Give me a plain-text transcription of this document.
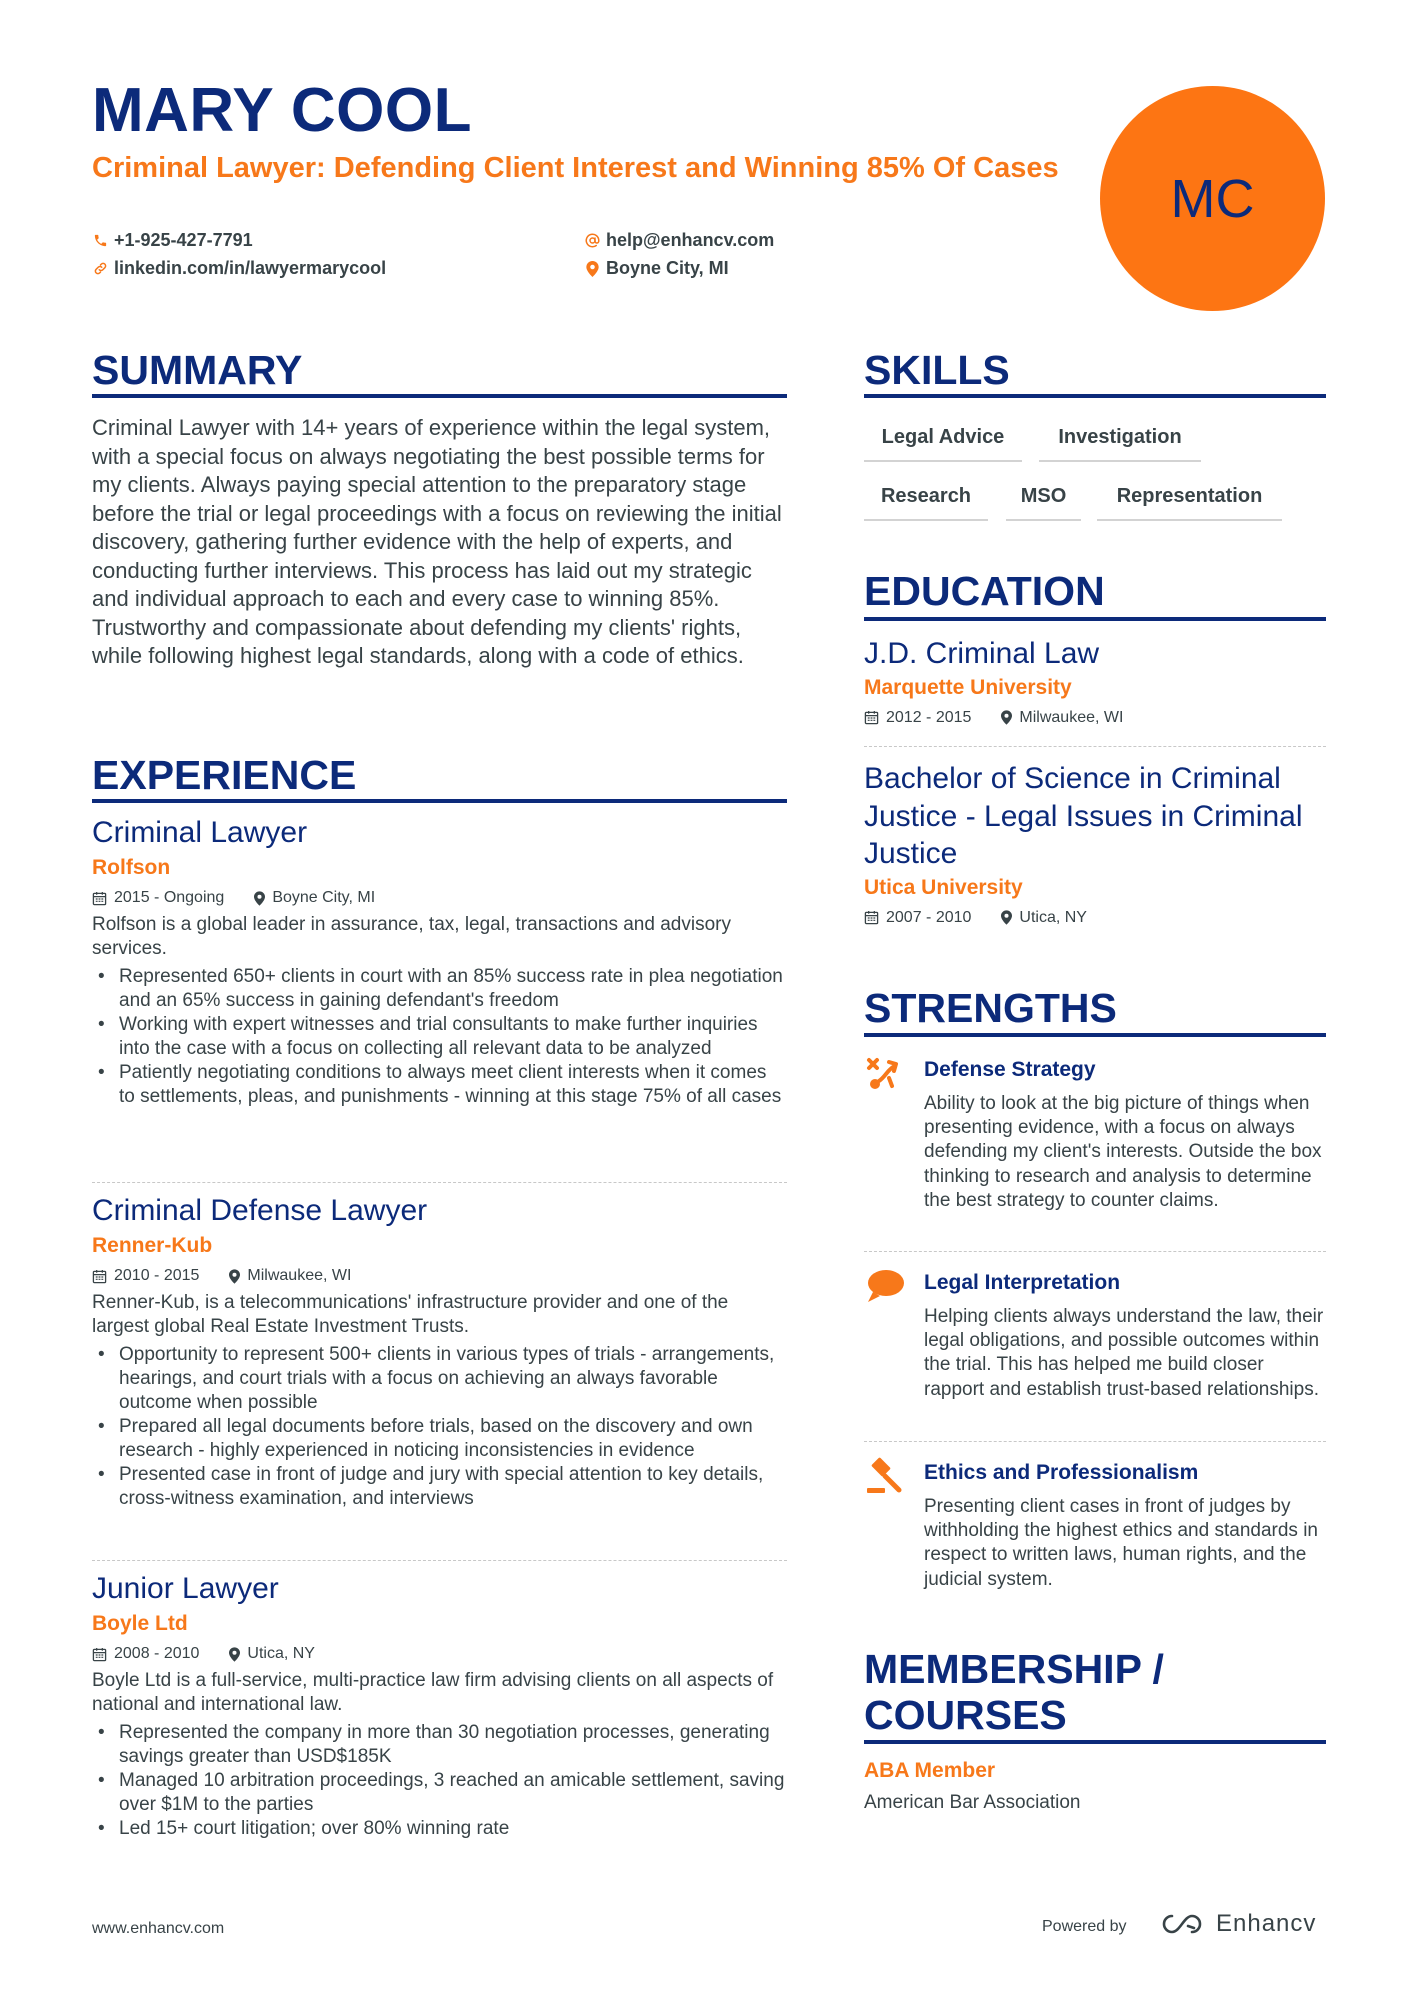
MARY COOL
Criminal Lawyer: Defending Client Interest and Winning 85% Of Cases
+1-925-427-7791
linkedin.com/in/lawyermarycool
help@enhancv.com
Boyne City, MI
MC
SUMMARY
Criminal Lawyer with 14+ years of experience within the legal system, with a special focus on always negotiating the best possible terms for my clients. Always paying special attention to the preparatory stage before the trial or legal proceedings with a focus on reviewing the initial discovery, gathering further evidence with the help of experts, and conducting further interviews. This process has laid out my strategic and individual approach to each and every case to winning 85%. Trustworthy and compassionate about defending my clients' rights, while following highest legal standards, along with a code of ethics.
EXPERIENCE
Criminal Lawyer
Rolfson
2015 - Ongoing	Boyne City, MI
Rolfson is a global leader in assurance, tax, legal, transactions and advisory services.
• Represented 650+ clients in court with an 85% success rate in plea negotiation and an 65% success in gaining defendant's freedom
• Working with expert witnesses and trial consultants to make further inquiries into the case with a focus on collecting all relevant data to be analyzed
• Patiently negotiating conditions to always meet client interests when it comes to settlements, pleas, and punishments - winning at this stage 75% of all cases
Criminal Defense Lawyer
Renner-Kub
2010 - 2015	Milwaukee, WI
Renner-Kub, is a telecommunications' infrastructure provider and one of the largest global Real Estate Investment Trusts.
• Opportunity to represent 500+ clients in various types of trials - arrangements, hearings, and court trials with a focus on achieving an always favorable outcome when possible
• Prepared all legal documents before trials, based on the discovery and own research - highly experienced in noticing inconsistencies in evidence
• Presented case in front of judge and jury with special attention to key details, cross-witness examination, and interviews
Junior Lawyer
Boyle Ltd
2008 - 2010	Utica, NY
Boyle Ltd is a full-service, multi-practice law firm advising clients on all aspects of national and international law.
• Represented the company in more than 30 negotiation processes, generating savings greater than USD$185K
• Managed 10 arbitration proceedings, 3 reached an amicable settlement, saving over $1M to the parties
• Led 15+ court litigation; over 80% winning rate
SKILLS
Legal Advice	Investigation
Research	MSO	Representation
EDUCATION
J.D. Criminal Law
Marquette University
2012 - 2015	Milwaukee, WI
Bachelor of Science in Criminal Justice - Legal Issues in Criminal Justice
Utica University
2007 - 2010	Utica, NY
STRENGTHS
Defense Strategy
Ability to look at the big picture of things when presenting evidence, with a focus on always defending my client's interests. Outside the box thinking to research and analysis to determine the best strategy to counter claims.
Legal Interpretation
Helping clients always understand the law, their legal obligations, and possible outcomes within the trial. This has helped me build closer rapport and establish trust-based relationships.
Ethics and Professionalism
Presenting client cases in front of judges by withholding the highest ethics and standards in respect to written laws, human rights, and the judicial system.
MEMBERSHIP /
COURSES
ABA Member
American Bar Association
www.enhancv.com	Powered by	Enhancv
